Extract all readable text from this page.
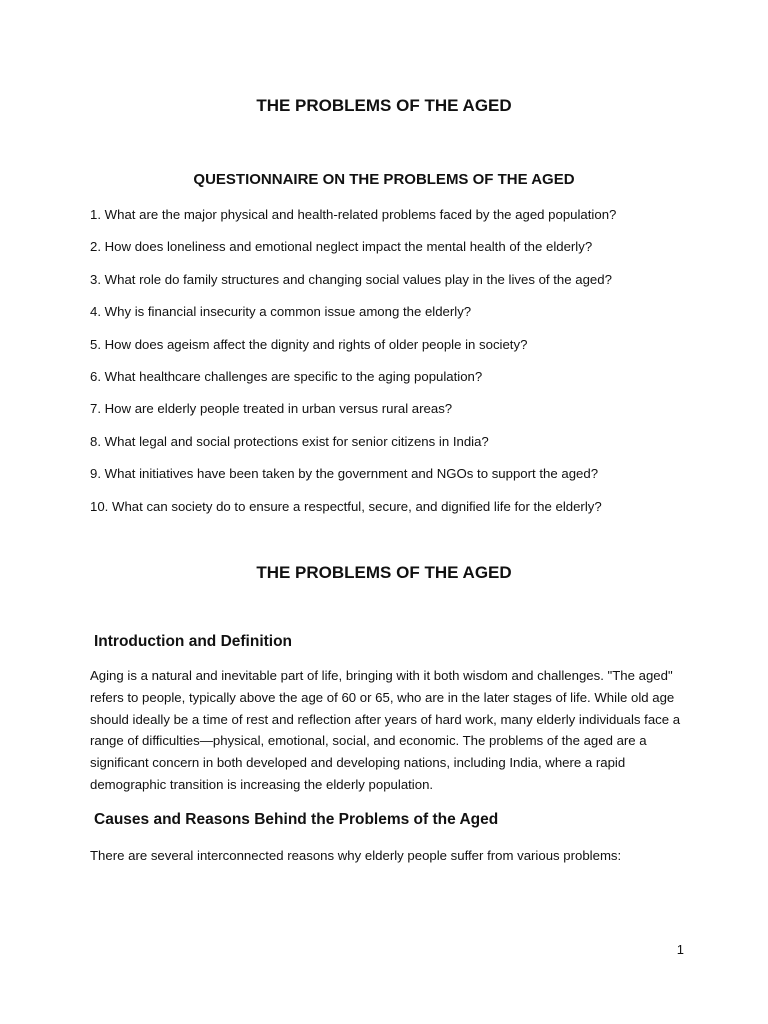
THE PROBLEMS OF THE AGED
QUESTIONNAIRE ON THE PROBLEMS OF THE AGED
1. What are the major physical and health-related problems faced by the aged population?
2. How does loneliness and emotional neglect impact the mental health of the elderly?
3. What role do family structures and changing social values play in the lives of the aged?
4. Why is financial insecurity a common issue among the elderly?
5. How does ageism affect the dignity and rights of older people in society?
6. What healthcare challenges are specific to the aging population?
7. How are elderly people treated in urban versus rural areas?
8. What legal and social protections exist for senior citizens in India?
9. What initiatives have been taken by the government and NGOs to support the aged?
10. What can society do to ensure a respectful, secure, and dignified life for the elderly?
THE PROBLEMS OF THE AGED
Introduction and Definition

Aging is a natural and inevitable part of life, bringing with it both wisdom and challenges. "The aged" refers to people, typically above the age of 60 or 65, who are in the later stages of life. While old age should ideally be a time of rest and reflection after years of hard work, many elderly individuals face a range of difficulties—physical, emotional, social, and economic. The problems of the aged are a significant concern in both developed and developing nations, including India, where a rapid demographic transition is increasing the elderly population.

Causes and Reasons Behind the Problems of the Aged

There are several interconnected reasons why elderly people suffer from various problems:

1
